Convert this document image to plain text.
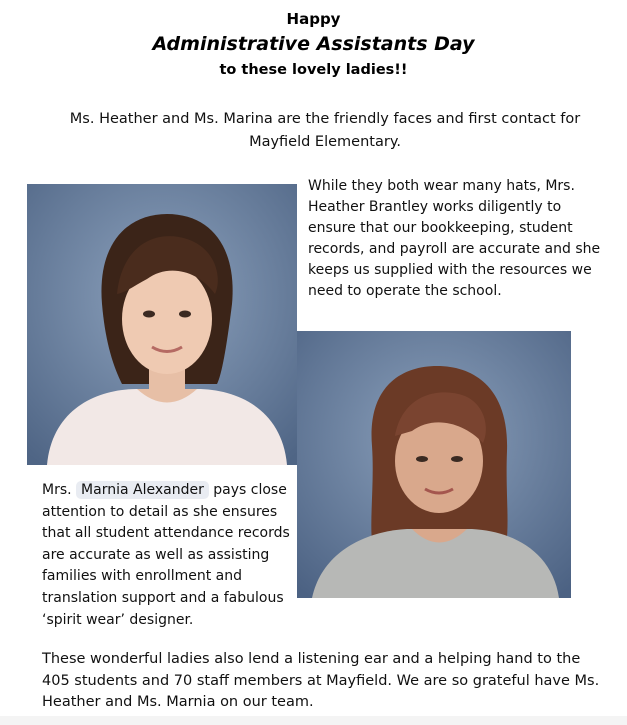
Happy
Administrative Assistants Day
to these lovely ladies!!
Ms. Heather and Ms. Marina are the friendly faces and first contact for Mayfield Elementary.
While they both wear many hats, Mrs. Heather Brantley works diligently to ensure that our bookkeeping, student records, and payroll are accurate and she keeps us supplied with the resources we need to operate the school.
Mrs. Marnia Alexander pays close attention to detail as she ensures that all student attendance records are accurate as well as assisting families with enrollment and translation support and a fabulous ‘spirit wear’ designer.
These wonderful ladies also lend a listening ear and a helping hand to the 405 students and 70 staff members at Mayfield. We are so grateful have Ms. Heather and Ms. Marnia on our team.
